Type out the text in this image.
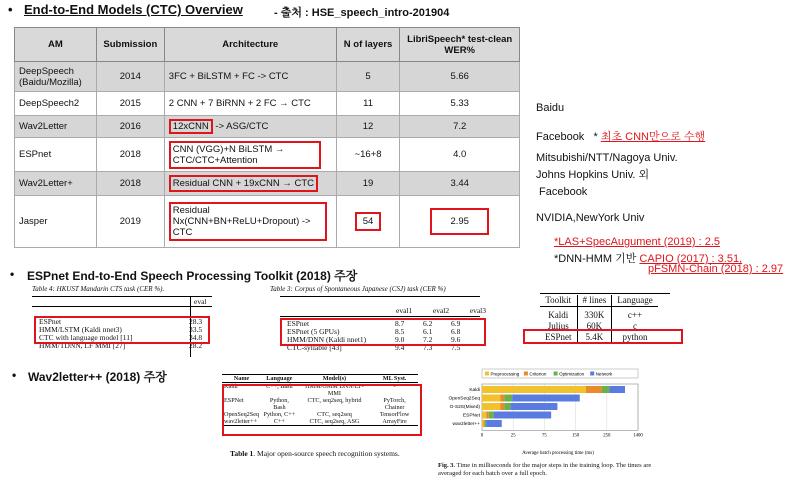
• End-to-End Models (CTC) Overview	- 출처 : HSE_speech_intro-201904
AM	Submission	Architecture	N of layers	LibriSpeech* test-clean WER%
DeepSpeech (Baidu/Mozilla)	2014	3FC + BiLSTM + FC -> CTC	5	5.66
DeepSpeech2	2015	2 CNN + 7 BiRNN + 2 FC → CTC	11	5.33
Wav2Letter	2016	12xCNN -> ASG/CTC	12	7.2
ESPnet	2018	CNN (VGG)+N BiLSTM → CTC/CTC+Attention	~16+8	4.0
Wav2Letter+	2018	Residual CNN + 19xCNN → CTC	19	3.44
Jasper	2019	Residual Nx(CNN+BN+ReLU+Dropout) -> CTC	54	2.95
Baidu
Facebook * 최초 CNN만으로 수행
Mitsubishi/NTT/Nagoya Univ.
Johns Hopkins Univ. 외
Facebook
NVIDIA,NewYork Univ
*LAS+SpecAugument (2019) : 2.5
*DNN-HMM 기반 CAPIO (2017) : 3.51,
pFSMN-Chain (2018) : 2.97
• ESPnet End-to-End Speech Processing Toolkit (2018) 주장
Table 4: HKUST Mandarin CTS task (CER %).
eval
ESPnet	28.3
HMM/LSTM (Kaldi nnet3)	33.5
CTC with language model [11]	34.8
HMM/TDNN, LF MMI [27]	28.2
Table 3: Corpus of Spontaneous Japanese (CSJ) task (CER %)
eval1	eval2	eval3
ESPnet	8.7	6.2	6.9
ESPnet (5 GPUs)	8.5	6.1	6.8
HMM/DNN (Kaldi nnet1)	9.0	7.2	9.6
CTC-syllable [43]	9.4	7.3	7.5
Toolkit	# lines	Language
Kaldi	330K	c++
Julius	60K	c
ESPnet	5.4K	python
• Wav2letter++ (2018) 주장	Name	Language	Model(s)	ML Syst.
Kaldi	C++, Bash	HMM/GMM DNN/LF-MMI	-
ESPNet	Python, Bash	CTC, seq2seq, hybrid	PyTorch, Chainer
OpenSeq2Seq	Python, C++	CTC, seq2seq	TensorFlow
wav2letter++	C++	CTC, seq2seq, ASG	ArrayFire
Table 1. Major open-source speech recognition systems.
Preprocessing Criterion	Optimization	Network
Kaldi
OpenSeq2Seq
O-S2S(Mixed)
ESPNet
wav2letter++
0	25	75	150	250	1400
Average batch processing time (ms)
Fig. 3. Time in milliseconds for the major steps in the training loop. The times are averaged for each batch over a full epoch.
